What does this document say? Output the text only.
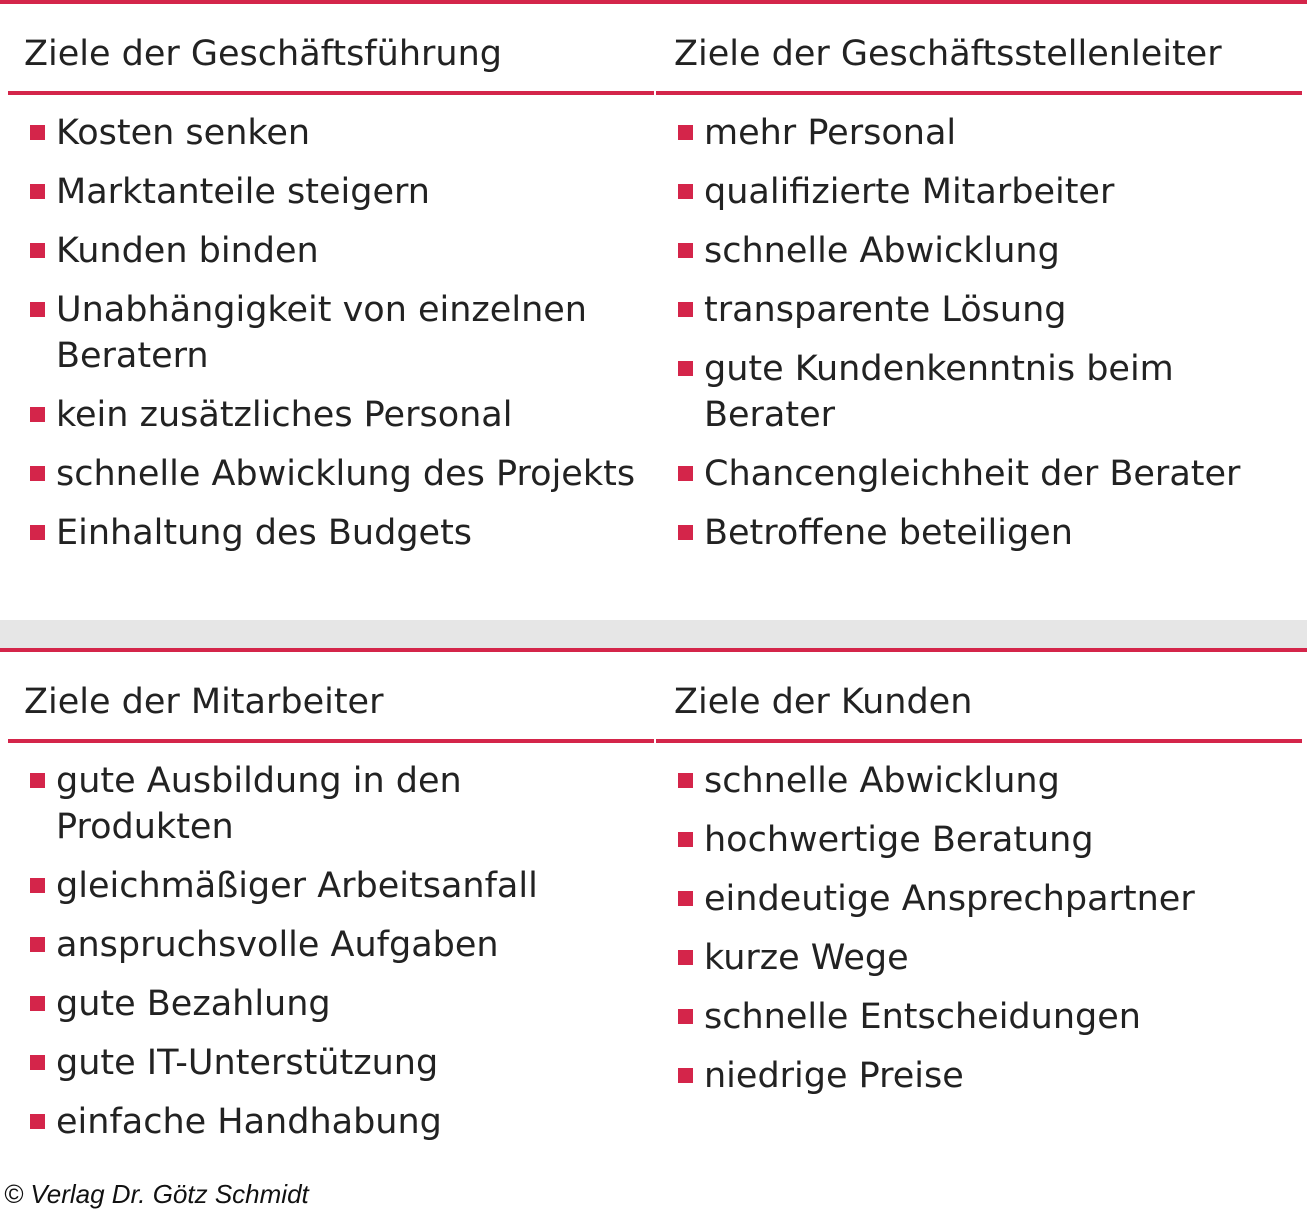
Ziele der Geschäftsführung
Kosten senken
Marktanteile steigern
Kunden binden
Unabhängigkeit von einzelnen Beratern
kein zusätzliches Personal
schnelle Abwicklung des Projekts
Einhaltung des Budgets
Ziele der Geschäftsstellenleiter
mehr Personal
qualifizierte Mitarbeiter
schnelle Abwicklung
transparente Lösung
gute Kundenkenntnis beim Berater
Chancengleichheit der Berater
Betroffene beteiligen
Ziele der Mitarbeiter
gute Ausbildung in den Produkten
gleichmäßiger Arbeitsanfall
anspruchsvolle Aufgaben
gute Bezahlung
gute IT-Unterstützung
einfache Handhabung
Ziele der Kunden
schnelle Abwicklung
hochwertige Beratung
eindeutige Ansprechpartner
kurze Wege
schnelle Entscheidungen
niedrige Preise
© Verlag Dr. Götz Schmidt
